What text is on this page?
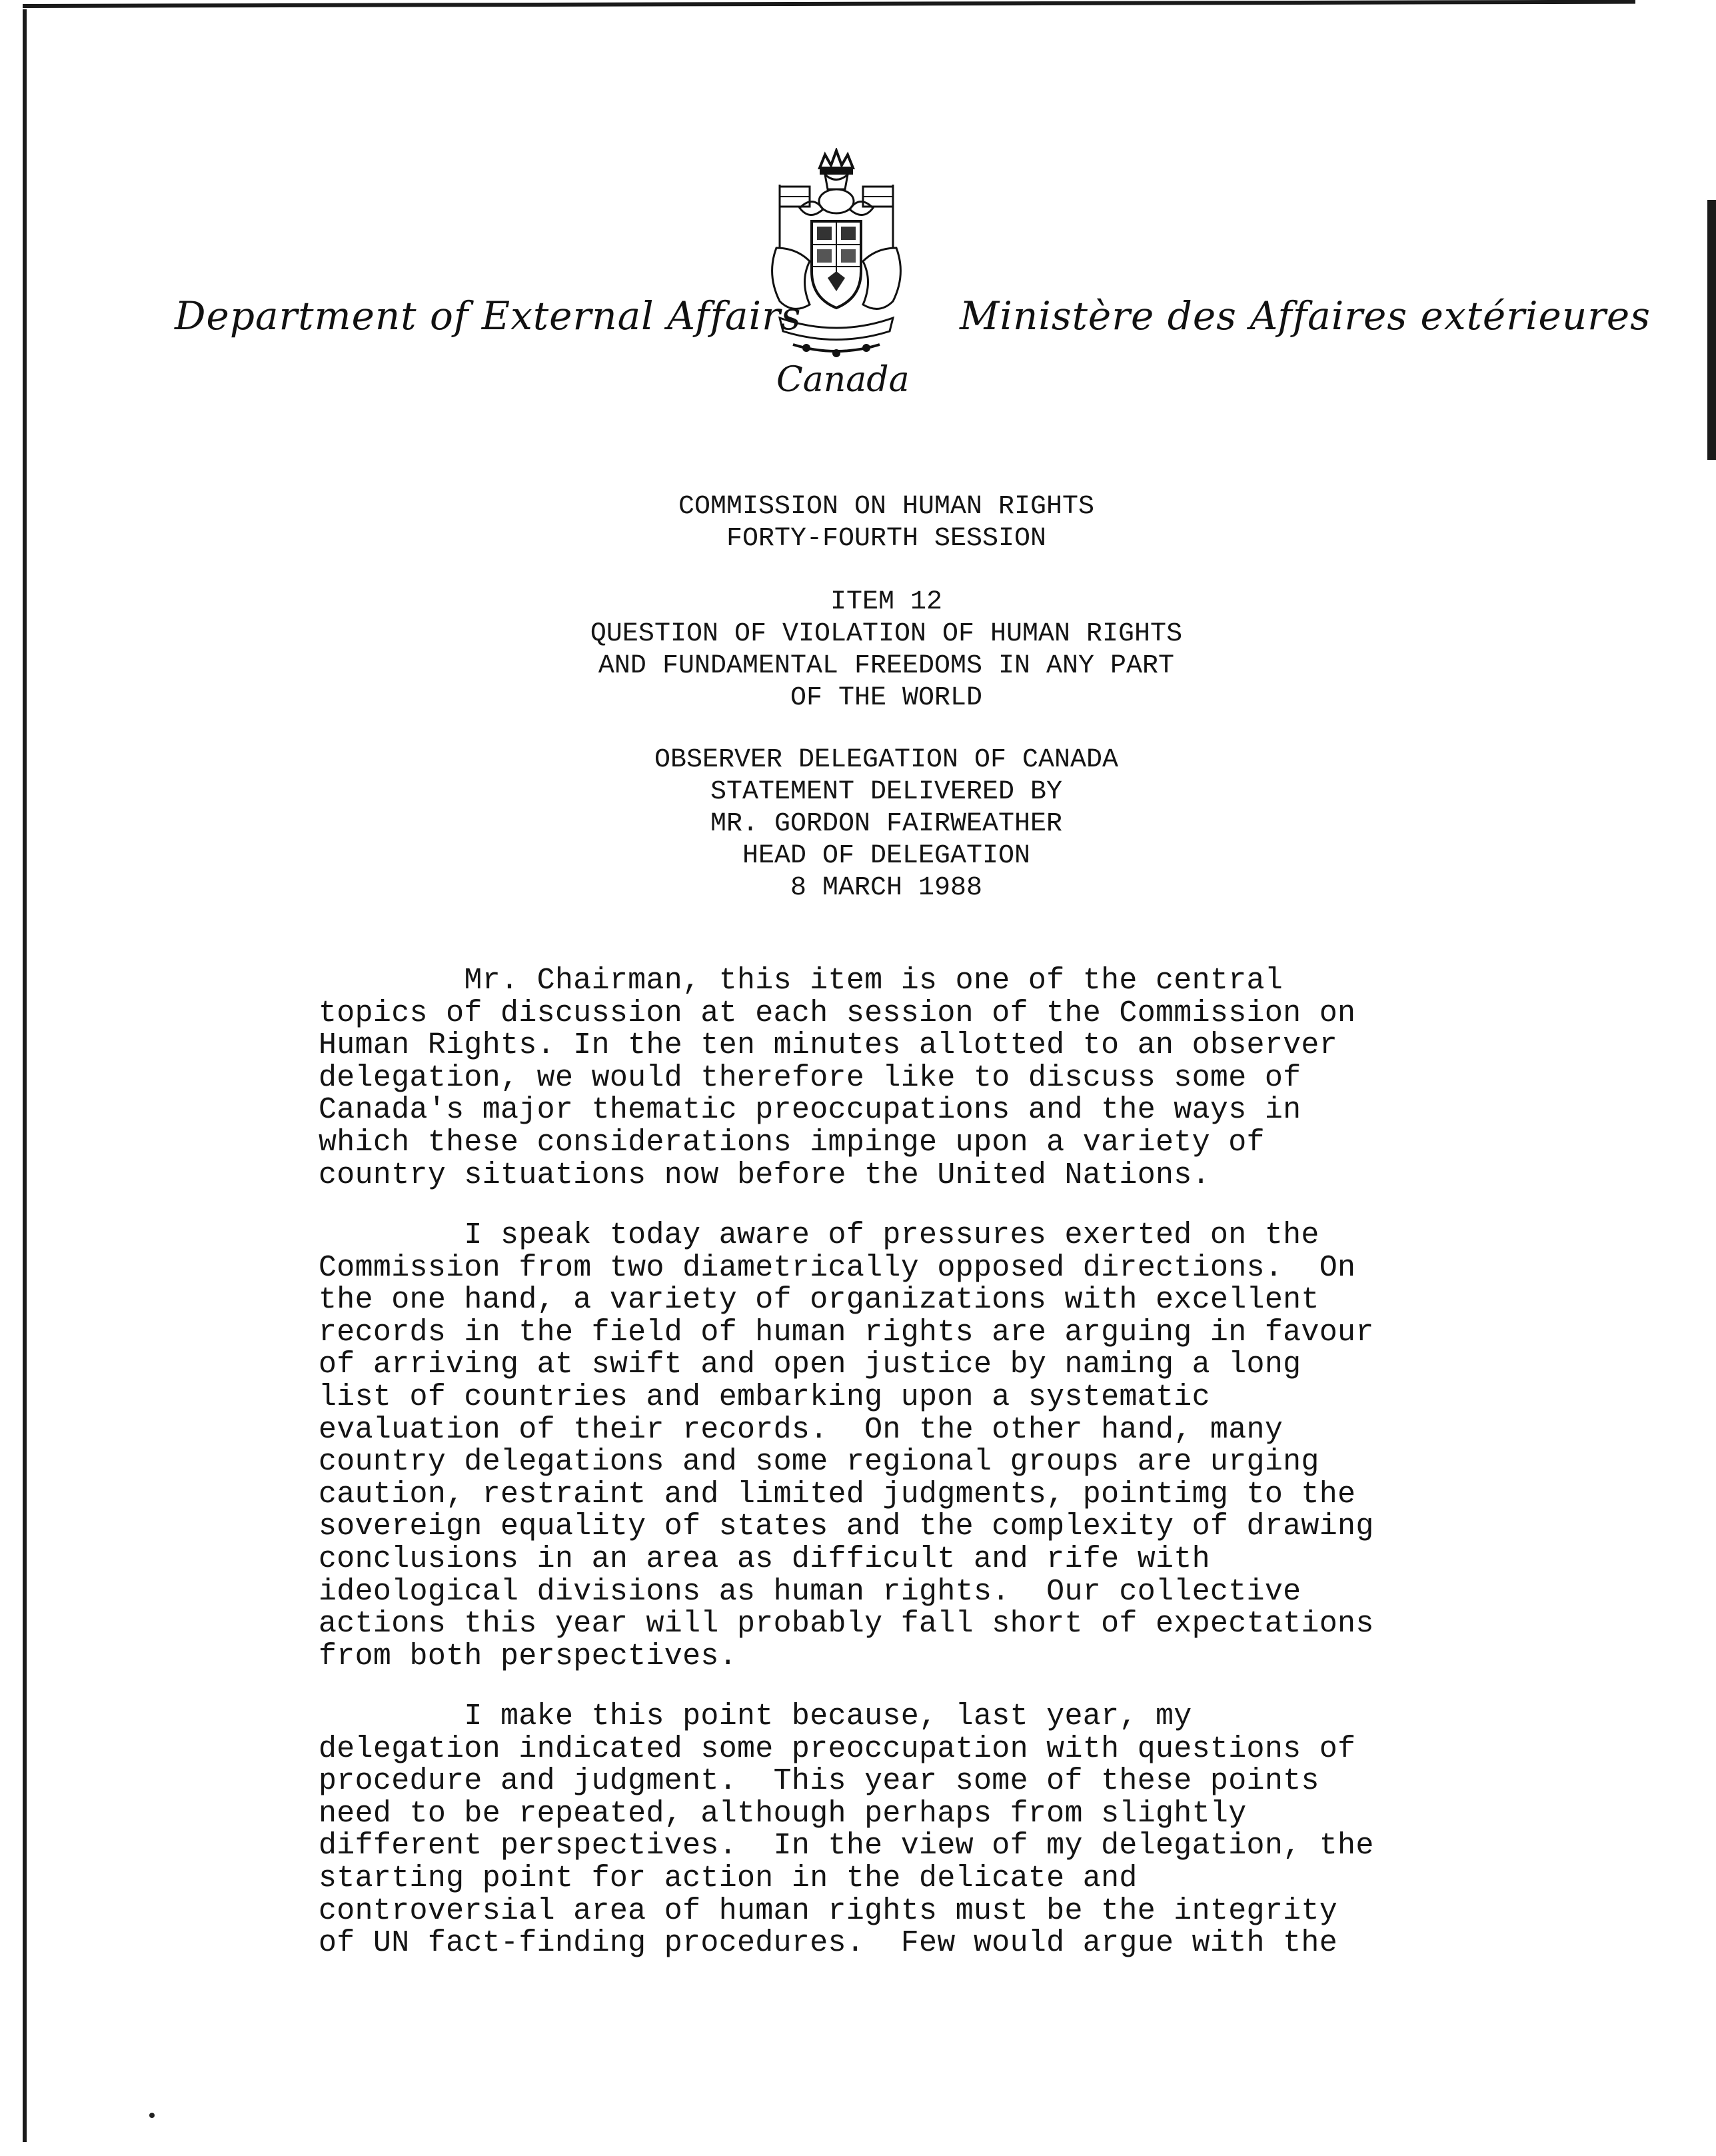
Department of External Affairs
Canada
Ministère des Affaires extérieures
COMMISSION ON HUMAN RIGHTS
FORTY-FOURTH SESSION
ITEM 12
QUESTION OF VIOLATION OF HUMAN RIGHTS
AND FUNDAMENTAL FREEDOMS IN ANY PART
OF THE WORLD
OBSERVER DELEGATION OF CANADA
STATEMENT DELIVERED BY
MR. GORDON FAIRWEATHER
HEAD OF DELEGATION
8 MARCH 1988
Mr. Chairman, this item is one of the central
topics of discussion at each session of the Commission on
Human Rights. In the ten minutes allotted to an observer
delegation, we would therefore like to discuss some of
Canada's major thematic preoccupations and the ways in
which these considerations impinge upon a variety of
country situations now before the United Nations.
I speak today aware of pressures exerted on the
Commission from two diametrically opposed directions.  On
the one hand, a variety of organizations with excellent
records in the field of human rights are arguing in favour
of arriving at swift and open justice by naming a long
list of countries and embarking upon a systematic
evaluation of their records.  On the other hand, many
country delegations and some regional groups are urging
caution, restraint and limited judgments, pointimg to the
sovereign equality of states and the complexity of drawing
conclusions in an area as difficult and rife with
ideological divisions as human rights.  Our collective
actions this year will probably fall short of expectations
from both perspectives.
I make this point because, last year, my
delegation indicated some preoccupation with questions of
procedure and judgment.  This year some of these points
need to be repeated, although perhaps from slightly
different perspectives.  In the view of my delegation, the
starting point for action in the delicate and
controversial area of human rights must be the integrity
of UN fact-finding procedures.  Few would argue with the
